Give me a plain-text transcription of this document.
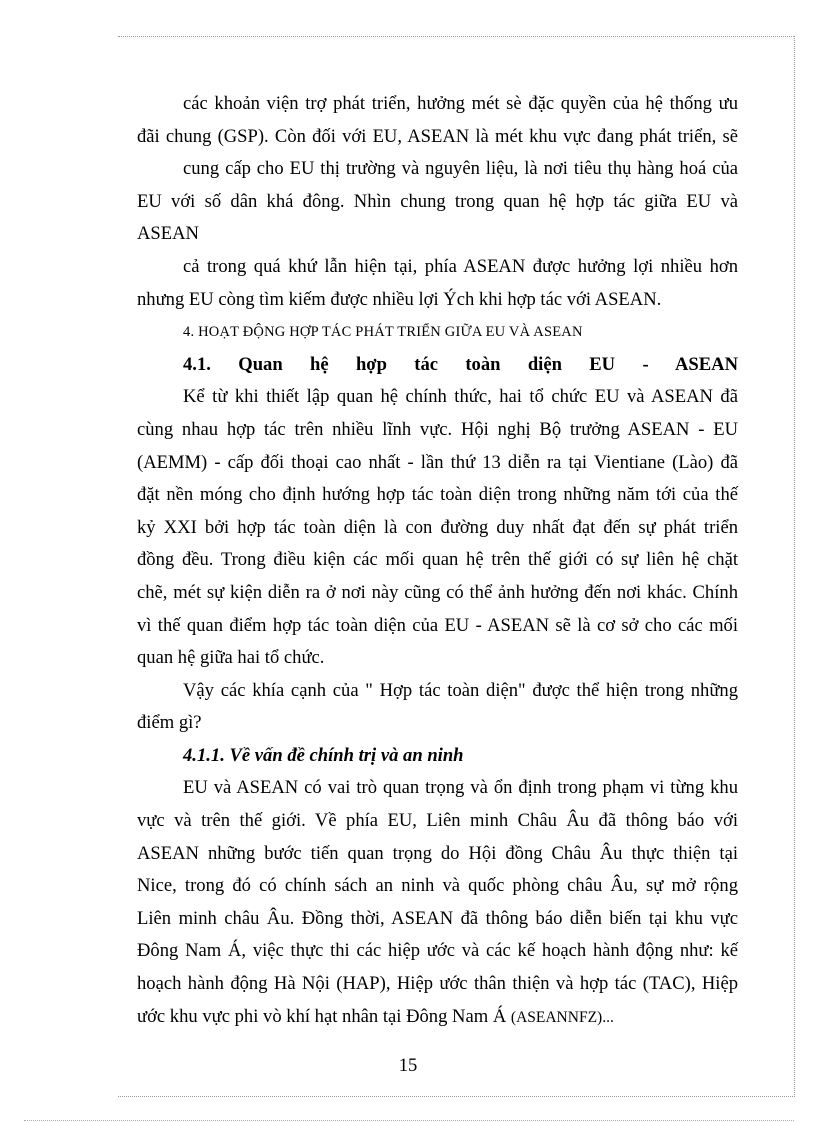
các khoản viện trợ phát triển, hưởng mét sè đặc quyền của hệ thống ưu
đãi chung (GSP). Còn đối với EU, ASEAN là mét khu vực đang phát triển, sẽ
cung cấp cho EU thị trường và nguyên liệu, là nơi tiêu thụ hàng hoá của
EU với số dân khá đông. Nhìn chung trong quan hệ hợp tác giữa EU và
ASEAN
cả trong quá khứ lẫn hiện tại, phía ASEAN được hưởng lợi nhiều hơn
nhưng EU còng tìm kiếm được nhiều lợi Ých khi hợp tác với ASEAN.
4. HOẠT ĐỘNG HỢP TÁC PHÁT TRIỂN GIỮA EU VÀ ASEAN
4.1. Quan hệ hợp tác toàn diện EU - ASEAN
Kể từ khi thiết lập quan hệ chính thức, hai tổ chức EU và ASEAN đã
cùng nhau hợp tác trên nhiều lĩnh vực. Hội nghị Bộ trưởng ASEAN - EU
(AEMM) - cấp đối thoại cao nhất - lần thứ 13 diễn ra tại Vientiane (Lào) đã
đặt nền móng cho định hướng hợp tác toàn diện trong những năm tới của thế
kỷ XXI bởi hợp tác toàn diện là con đường duy nhất đạt đến sự phát triển
đồng đều. Trong điều kiện các mối quan hệ trên thế giới có sự liên hệ chặt
chẽ, mét sự kiện diễn ra ở nơi này cũng có thể ảnh hưởng đến nơi khác. Chính
vì thế quan điểm hợp tác toàn diện của EU - ASEAN sẽ là cơ sở cho các mối
quan hệ giữa hai tổ chức.
Vậy các khía cạnh của " Hợp tác toàn diện" được thể hiện trong những
điểm gì?
4.1.1. Về vấn đề chính trị và an ninh
EU và ASEAN có vai trò quan trọng và ổn định trong phạm vi từng khu
vực và trên thế giới. Về phía EU, Liên minh Châu Âu đã thông báo với
ASEAN những bước tiến quan trọng do Hội đồng Châu Âu thực thiện tại
Nice, trong đó có chính sách an ninh và quốc phòng châu Âu, sự mở rộng
Liên minh châu Âu. Đồng thời, ASEAN đã thông báo diễn biến tại khu vực
Đông Nam Á, việc thực thi các hiệp ước và các kế hoạch hành động như: kế
hoạch hành động Hà Nội (HAP), Hiệp ước thân thiện và hợp tác (TAC), Hiệp
ước khu vực phi vò khí hạt nhân tại Đông Nam Á (ASEANNFZ)...
15
